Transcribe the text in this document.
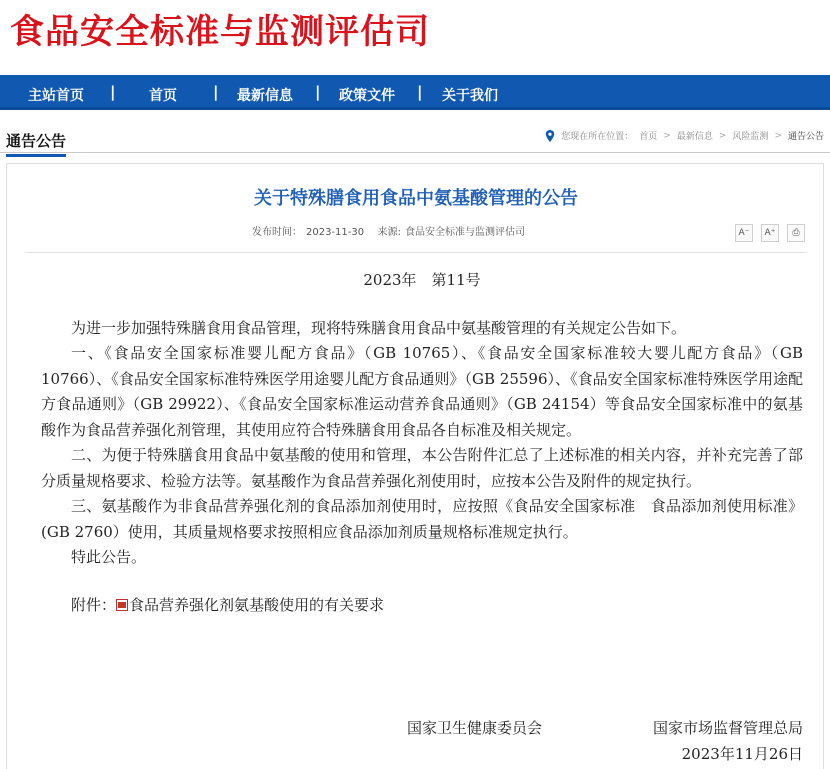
食品安全标准与监测评估司
主站首页 | 首页 | 最新信息 | 政策文件 | 关于我们
通告公告	您现在所在位置： 首页 > 最新信息 > 风险监测 > 通告公告
关于特殊膳食用食品中氨基酸管理的公告
发布时间： 2023-11-30 来源: 食品安全标准与监测评估司	A⁻	A⁺	⎙

2023年　第11号

为进一步加强特殊膳食用食品管理，现将特殊膳食用食品中氨基酸管理的有关规定公告如下。

一、《食品安全国家标准婴儿配方食品》（GB 10765）、《食品安全国家标准较大婴儿配方食品》（GB 10766）、《食品安全国家标准特殊医学用途婴儿配方食品通则》（GB 25596）、《食品安全国家标准特殊医学用途配方食品通则》（GB 29922）、《食品安全国家标准运动营养食品通则》（GB 24154）等食品安全国家标准中的氨基酸作为食品营养强化剂管理，其使用应符合特殊膳食用食品各自标准及相关规定。

二、为便于特殊膳食用食品中氨基酸的使用和管理，本公告附件汇总了上述标准的相关内容，并补充完善了部分质量规格要求、检验方法等。氨基酸作为食品营养强化剂使用时，应按本公告及附件的规定执行。

三、氨基酸作为非食品营养强化剂的食品添加剂使用时，应按照《食品安全国家标准　食品添加剂使用标准》(GB 2760）使用，其质量规格要求按照相应食品添加剂质量规格标准规定执行。

特此公告。

附件： 食品营养强化剂氨基酸使用的有关要求

国家卫生健康委员会	国家市场监督管理总局
2023年11月26日
